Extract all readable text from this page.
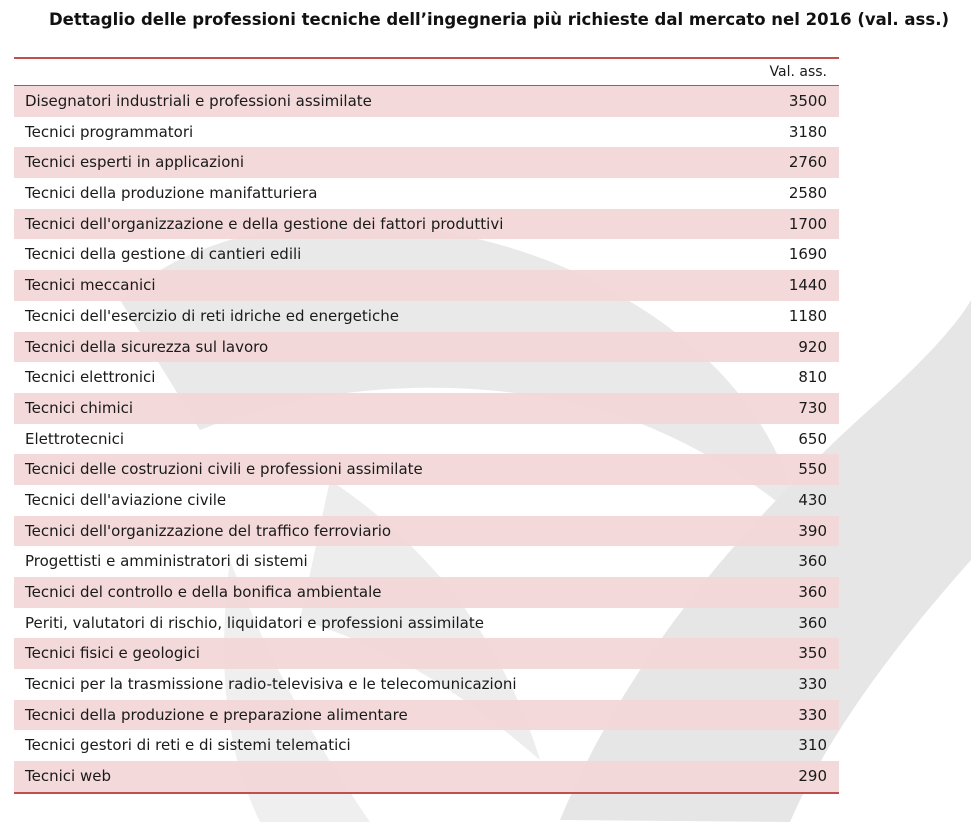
Dettaglio delle professioni tecniche dell’ingegneria più richieste dal mercato nel 2016 (val. ass.)
Val. ass.
Disegnatori industriali e professioni assimilate	3500
Tecnici programmatori	3180
Tecnici esperti in applicazioni	2760
Tecnici della produzione manifatturiera	2580
Tecnici dell'organizzazione e della gestione dei fattori produttivi	1700
Tecnici della gestione di cantieri edili	1690
Tecnici meccanici	1440
Tecnici dell'esercizio di reti idriche ed energetiche	1180
Tecnici della sicurezza sul lavoro	920
Tecnici elettronici	810
Tecnici chimici	730
Elettrotecnici	650
Tecnici delle costruzioni civili e professioni assimilate	550
Tecnici dell'aviazione civile	430
Tecnici dell'organizzazione del traffico ferroviario	390
Progettisti e amministratori di sistemi	360
Tecnici del controllo e della bonifica ambientale	360
Periti, valutatori di rischio, liquidatori e professioni assimilate	360
Tecnici fisici e geologici	350
Tecnici per la trasmissione radio-televisiva e le telecomunicazioni	330
Tecnici della produzione e preparazione alimentare	330
Tecnici gestori di reti e di sistemi telematici	310
Tecnici web	290
